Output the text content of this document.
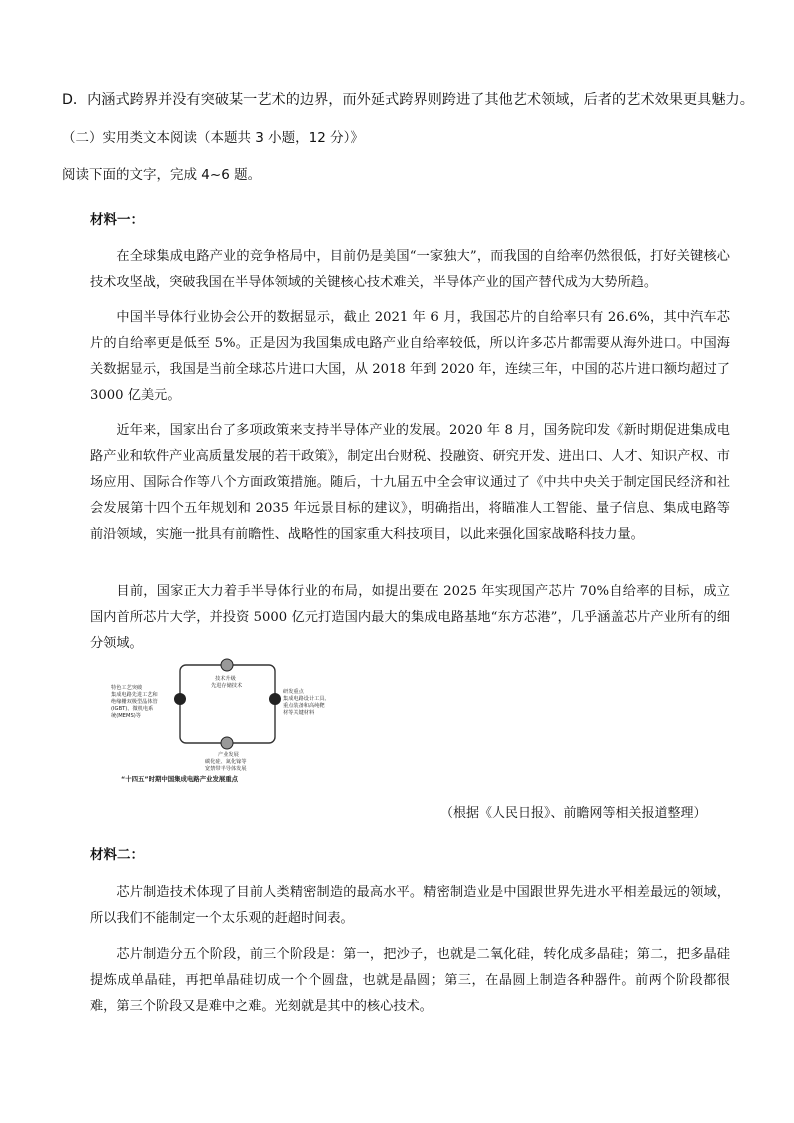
D．内涵式跨界并没有突破某一艺术的边界，而外延式跨界则跨进了其他艺术领域，后者的艺术效果更具魅力。
（二）实用类文本阅读（本题共 3 小题，12 分）》
阅读下面的文字，完成 4~6 题。
材料一：

在全球集成电路产业的竞争格局中，目前仍是美国“一家独大”，而我国的自给率仍然很低，打好关键核心技术攻坚战，突破我国在半导体领域的关键核心技术难关，半导体产业的国产替代成为大势所趋。

中国半导体行业协会公开的数据显示，截止 2021 年 6 月，我国芯片的自给率只有 26.6%，其中汽车芯片的自给率更是低至 5%。正是因为我国集成电路产业自给率较低，所以许多芯片都需要从海外进口。中国海关数据显示，我国是当前全球芯片进口大国，从 2018 年到 2020 年，连续三年，中国的芯片进口额均超过了 3000 亿美元。

近年来，国家出台了多项政策来支持半导体产业的发展。2020 年 8 月，国务院印发《新时期促进集成电路产业和软件产业高质量发展的若干政策》，制定出台财税、投融资、研究开发、进出口、人才、知识产权、市场应用、国际合作等八个方面政策措施。随后，十九届五中全会审议通过了《中共中央关于制定国民经济和社会发展第十四个五年规划和 2035 年远景目标的建议》，明确指出，将瞄准人工智能、量子信息、集成电路等前沿领域，实施一批具有前瞻性、战略性的国家重大科技项目，以此来强化国家战略科技力量。

目前，国家正大力着手半导体行业的布局，如提出要在 2025 年实现国产芯片 70%自给率的目标，成立国内首所芯片大学，并投资 5000 亿元打造国内最大的集成电路基地“东方芯港”，几乎涵盖芯片产业所有的细分领域。

技术升级 先进存储技术
特色工艺突破 集成电路先进工艺和 绝缘栅双极型晶体管 (IGBT)、微机电系 统(MEMS)等
研发重点 集成电路设计工具、 重点装备和高纯靶 材等关键材料
产业发展 碳化硅、氮化镓等 宽禁带半导体发展
“十四五”时期中国集成电路产业发展重点
（根据《人民日报》、前瞻网等相关报道整理）
材料二：

芯片制造技术体现了目前人类精密制造的最高水平。精密制造业是中国跟世界先进水平相差最远的领域，所以我们不能制定一个太乐观的赶超时间表。

芯片制造分五个阶段，前三个阶段是：第一，把沙子，也就是二氧化硅，转化成多晶硅；第二，把多晶硅提炼成单晶硅，再把单晶硅切成一个个圆盘，也就是晶圆；第三，在晶圆上制造各种器件。前两个阶段都很难，第三个阶段又是难中之难。光刻就是其中的核心技术。
